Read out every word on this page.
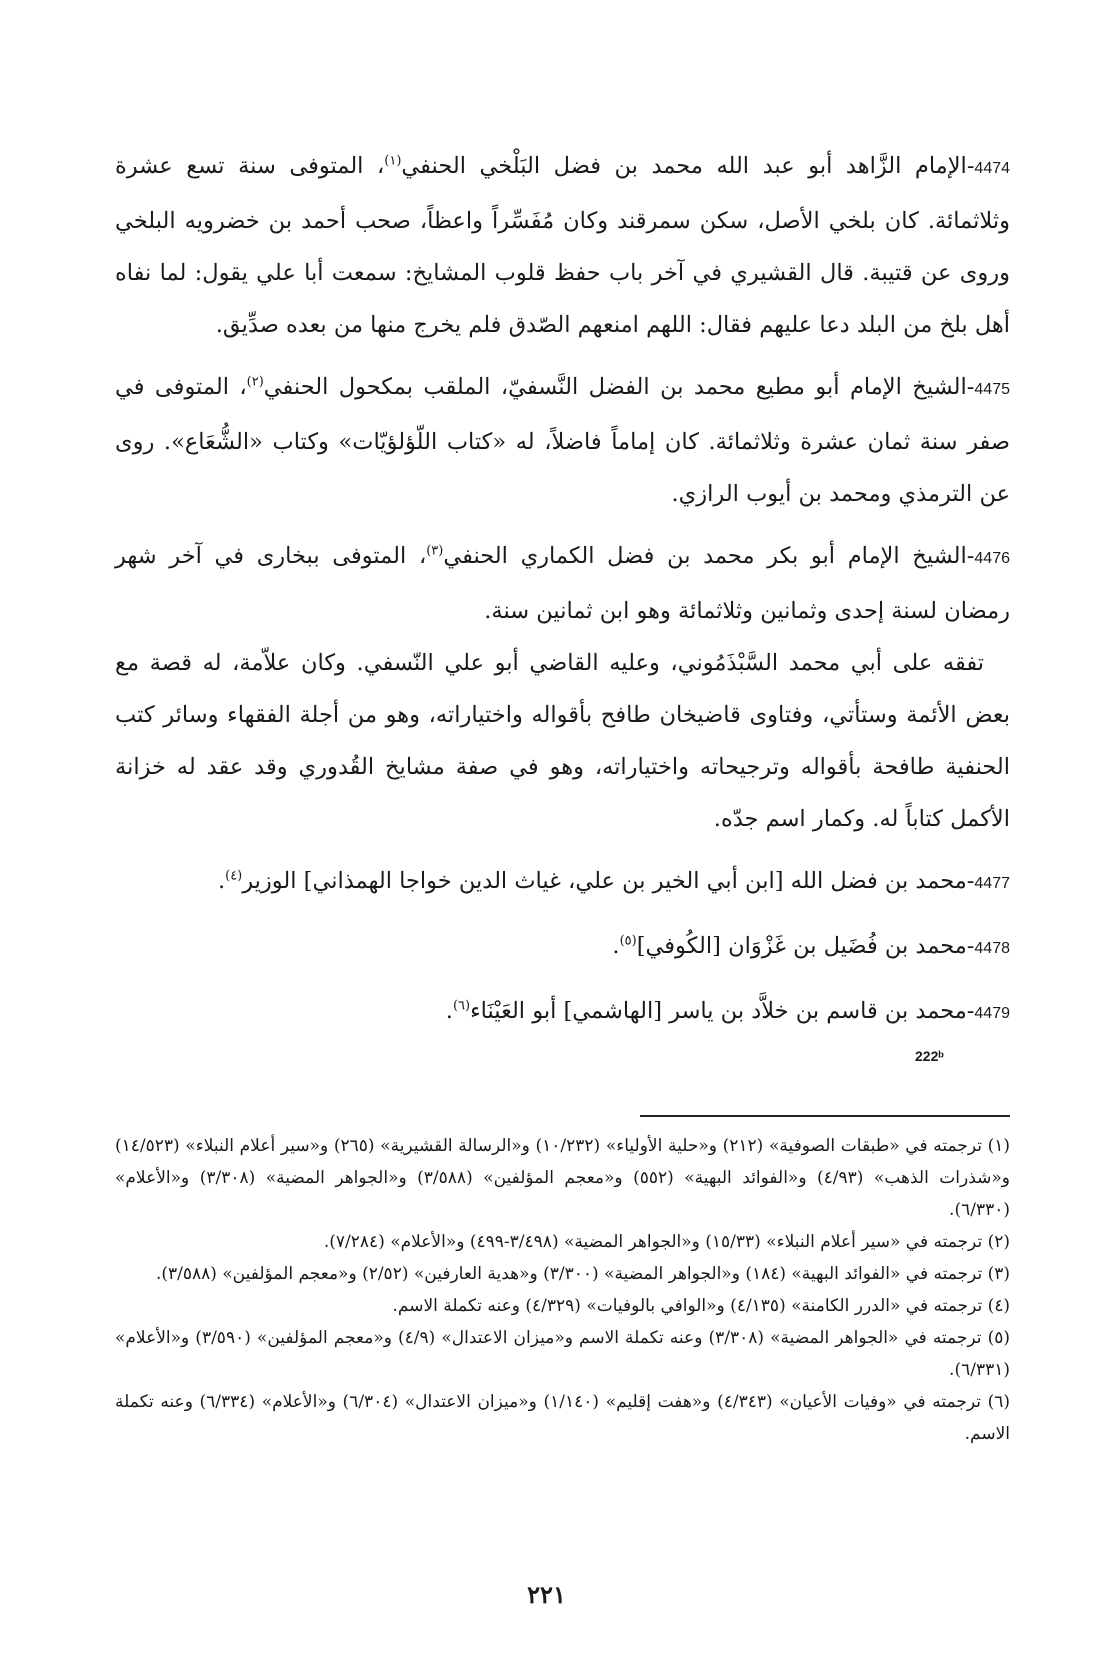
4474-الإمام الزَّاهد أبو عبد الله محمد بن فضل البَلْخي الحنفي$^{(١)}$، المتوفى سنة تسع عشرة وثلاثمائة. كان بلخي الأصل، سكن سمرقند وكان مُفَسِّراً واعظاً، صحب أحمد بن خضرويه البلخي وروى عن قتيبة. قال القشيري في آخر باب حفظ قلوب المشايخ: سمعت أبا علي يقول: لما نفاه أهل بلخ من البلد دعا عليهم فقال: اللهم امنعهم الصّدق فلم يخرج منها من بعده صدِّيق.
4475-الشيخ الإمام أبو مطيع محمد بن الفضل النَّسفيّ، الملقب بمكحول الحنفي$^{(٢)}$، المتوفى في صفر سنة ثمان عشرة وثلاثمائة. كان إماماً فاضلاً، له «كتاب اللّؤلؤيّات» وكتاب «الشُّعَاع». روى عن الترمذي ومحمد بن أيوب الرازي.
4476-الشيخ الإمام أبو بكر محمد بن فضل الكماري الحنفي$^{(٣)}$، المتوفى ببخارى في آخر شهر رمضان لسنة إحدى وثمانين وثلاثمائة وهو ابن ثمانين سنة.

تفقه على أبي محمد السَّبْذَمُوني، وعليه القاضي أبو علي النّسفي. وكان علاّمة، له قصة مع بعض الأئمة وستأتي، وفتاوى قاضيخان طافح بأقواله واختياراته، وهو من أجلة الفقهاء وسائر كتب الحنفية طافحة بأقواله وترجيحاته واختياراته، وهو في صفة مشايخ القُدوري وقد عقد له خزانة الأكمل كتاباً له. وكمار اسم جدّه.

4477-محمد بن فضل الله [ابن أبي الخير بن علي، غياث الدين خواجا الهمذاني] الوزير$^{(٤)}$.
4478-محمد بن فُضَيل بن غَزْوَان [الكُوفي]$^{(٥)}$.
4479-محمد بن قاسم بن خلاَّد بن ياسر [الهاشمي] أبو العَيْنَاء$^{(٦)}$.
222ᵇ

(١) ترجمته في «طبقات الصوفية» (٢١٢) و«حلية الأولياء» (١٠/٢٣٢) و«الرسالة القشيرية» (٢٦٥) و«سير أعلام النبلاء» (١٤/٥٢٣) و«شذرات الذهب» (٤/٩٣) و«الفوائد البهية» (٥٥٢) و«معجم المؤلفين» (٣/٥٨٨) و«الجواهر المضية» (٣/٣٠٨) و«الأعلام» (٦/٣٣٠).

(٢) ترجمته في «سير أعلام النبلاء» (١٥/٣٣) و«الجواهر المضية» (٣/٤٩٨-٤٩٩) و«الأعلام» (٧/٢٨٤).

(٣) ترجمته في «الفوائد البهية» (١٨٤) و«الجواهر المضية» (٣/٣٠٠) و«هدية العارفين» (٢/٥٢) و«معجم المؤلفين» (٣/٥٨٨).

(٤) ترجمته في «الدرر الكامنة» (٤/١٣٥) و«الوافي بالوفيات» (٤/٣٢٩) وعنه تكملة الاسم.

(٥) ترجمته في «الجواهر المضية» (٣/٣٠٨) وعنه تكملة الاسم و«ميزان الاعتدال» (٤/٩) و«معجم المؤلفين» (٣/٥٩٠) و«الأعلام» (٦/٣٣١).

(٦) ترجمته في «وفيات الأعيان» (٤/٣٤٣) و«هفت إقليم» (١/١٤٠) و«ميزان الاعتدال» (٦/٣٠٤) و«الأعلام» (٦/٣٣٤) وعنه تكملة الاسم.

٢٢١
